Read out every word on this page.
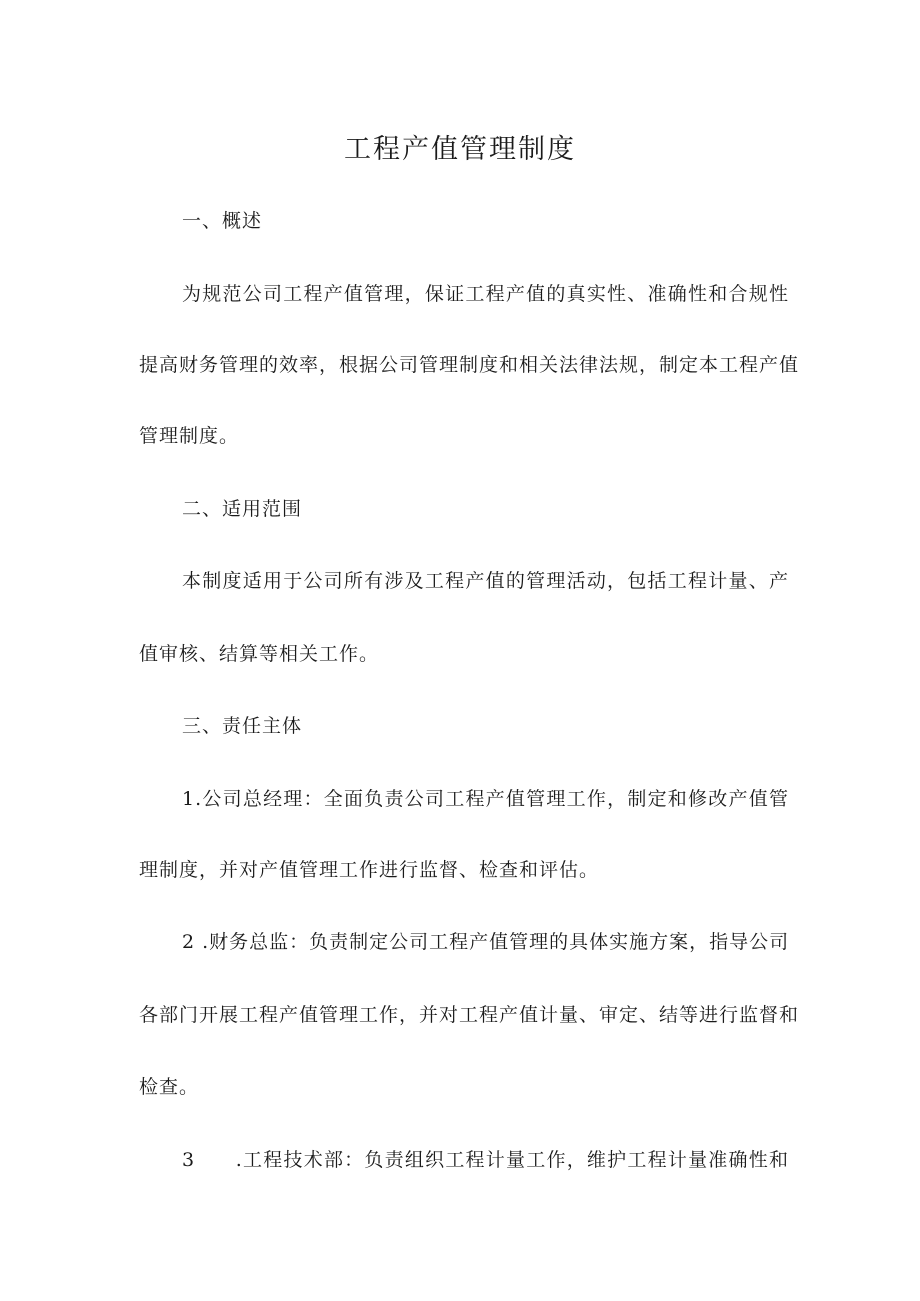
工程产值管理制度
一、概述
为规范公司工程产值管理，保证工程产值的真实性、准确性和合规性
提高财务管理的效率，根据公司管理制度和相关法律法规，制定本工程产值
管理制度。
二、适用范围
本制度适用于公司所有涉及工程产值的管理活动，包括工程计量、产
值审核、结算等相关工作。
三、责任主体
1.公司总经理：全面负责公司工程产值管理工作，制定和修改产值管
理制度，并对产值管理工作进行监督、检查和评估。
2 .财务总监：负责制定公司工程产值管理的具体实施方案，指导公司
各部门开展工程产值管理工作，并对工程产值计量、审定、结等进行监督和
检查。
3　　.工程技术部：负责组织工程计量工作，维护工程计量准确性和
